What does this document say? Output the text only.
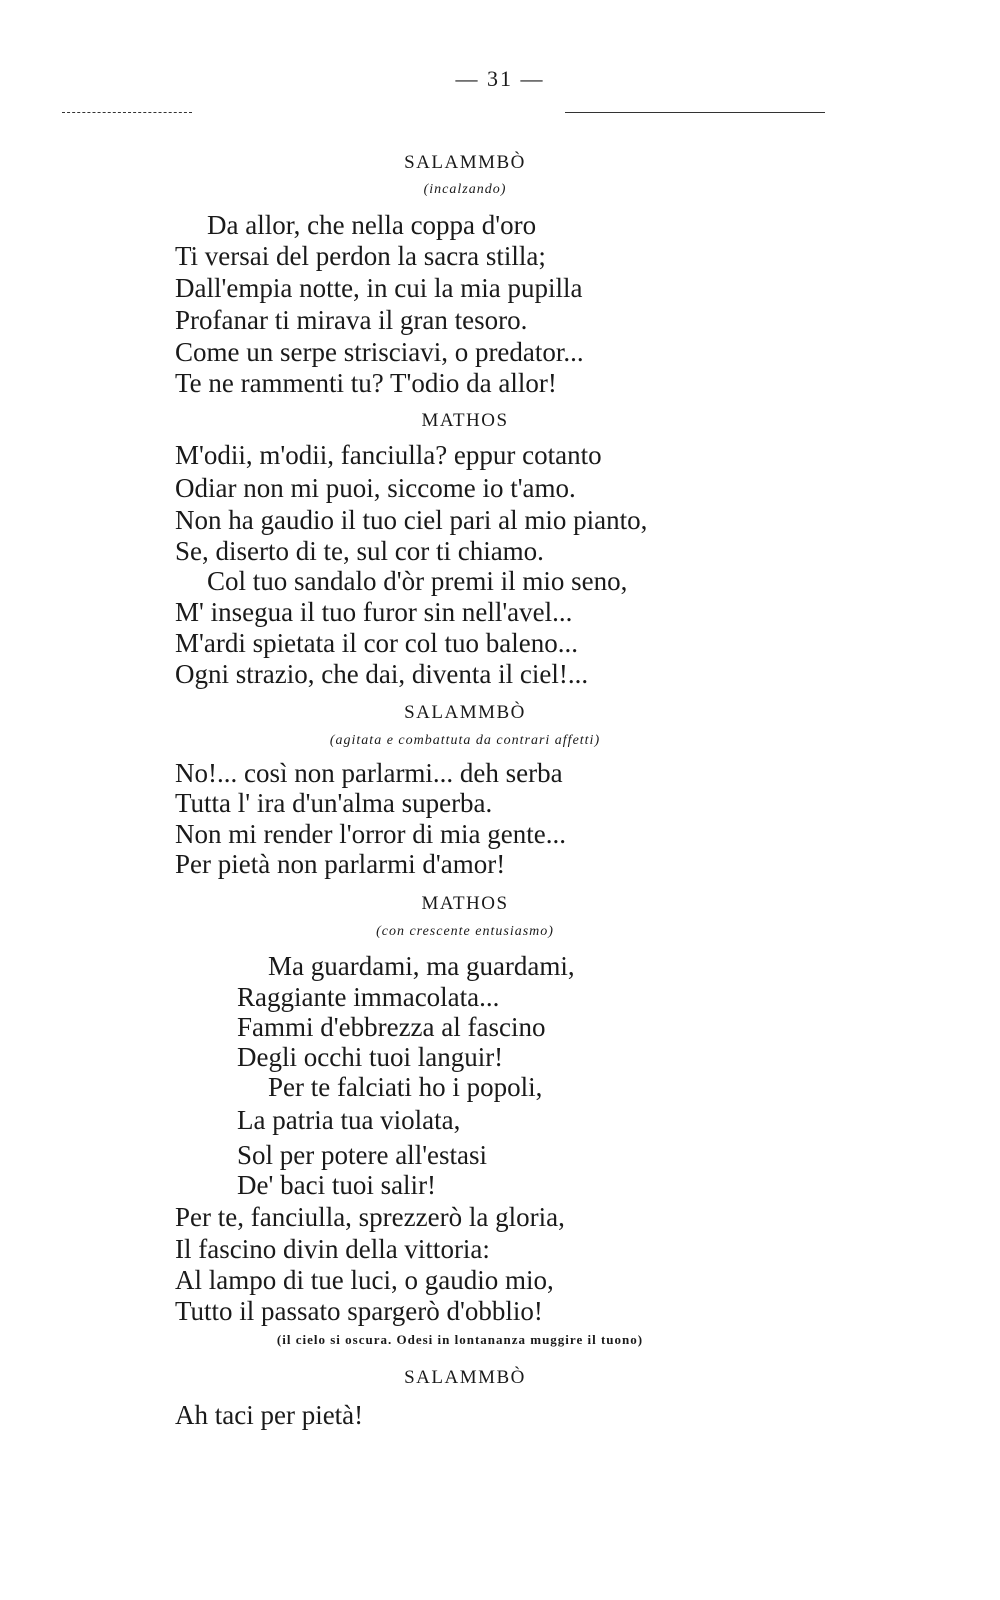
— 31 —
SALAMMBÒ
(incalzando)
Da allor, che nella coppa d'oro
Ti versai del perdon la sacra stilla;
Dall'empia notte, in cui la mia pupilla
Profanar ti mirava il gran tesoro.
Come un serpe strisciavi, o predator...
Te ne rammenti tu? T'odio da allor!
MATHOS
M'odii, m'odii, fanciulla? eppur cotanto
Odiar non mi puoi, siccome io t'amo.
Non ha gaudio il tuo ciel pari al mio pianto,
Se, diserto di te, sul cor ti chiamo.
Col tuo sandalo d'òr premi il mio seno,
M' insegua il tuo furor sin nell'avel...
M'ardi spietata il cor col tuo baleno...
Ogni strazio, che dai, diventa il ciel!...
SALAMMBÒ
(agitata e combattuta da contrari affetti)
No!... così non parlarmi... deh serba
Tutta l' ira d'un'alma superba.
Non mi render l'orror di mia gente...
Per pietà non parlarmi d'amor!
MATHOS
(con crescente entusiasmo)
Ma guardami, ma guardami,
Raggiante immacolata...
Fammi d'ebbrezza al fascino
Degli occhi tuoi languir!
Per te falciati ho i popoli,
La patria tua violata,
Sol per potere all'estasi
De' baci tuoi salir!
Per te, fanciulla, sprezzerò la gloria,
Il fascino divin della vittoria:
Al lampo di tue luci, o gaudio mio,
Tutto il passato spargerò d'obblio!
(il cielo si oscura. Odesi in lontananza muggire il tuono)
SALAMMBÒ
Ah taci per pietà!
